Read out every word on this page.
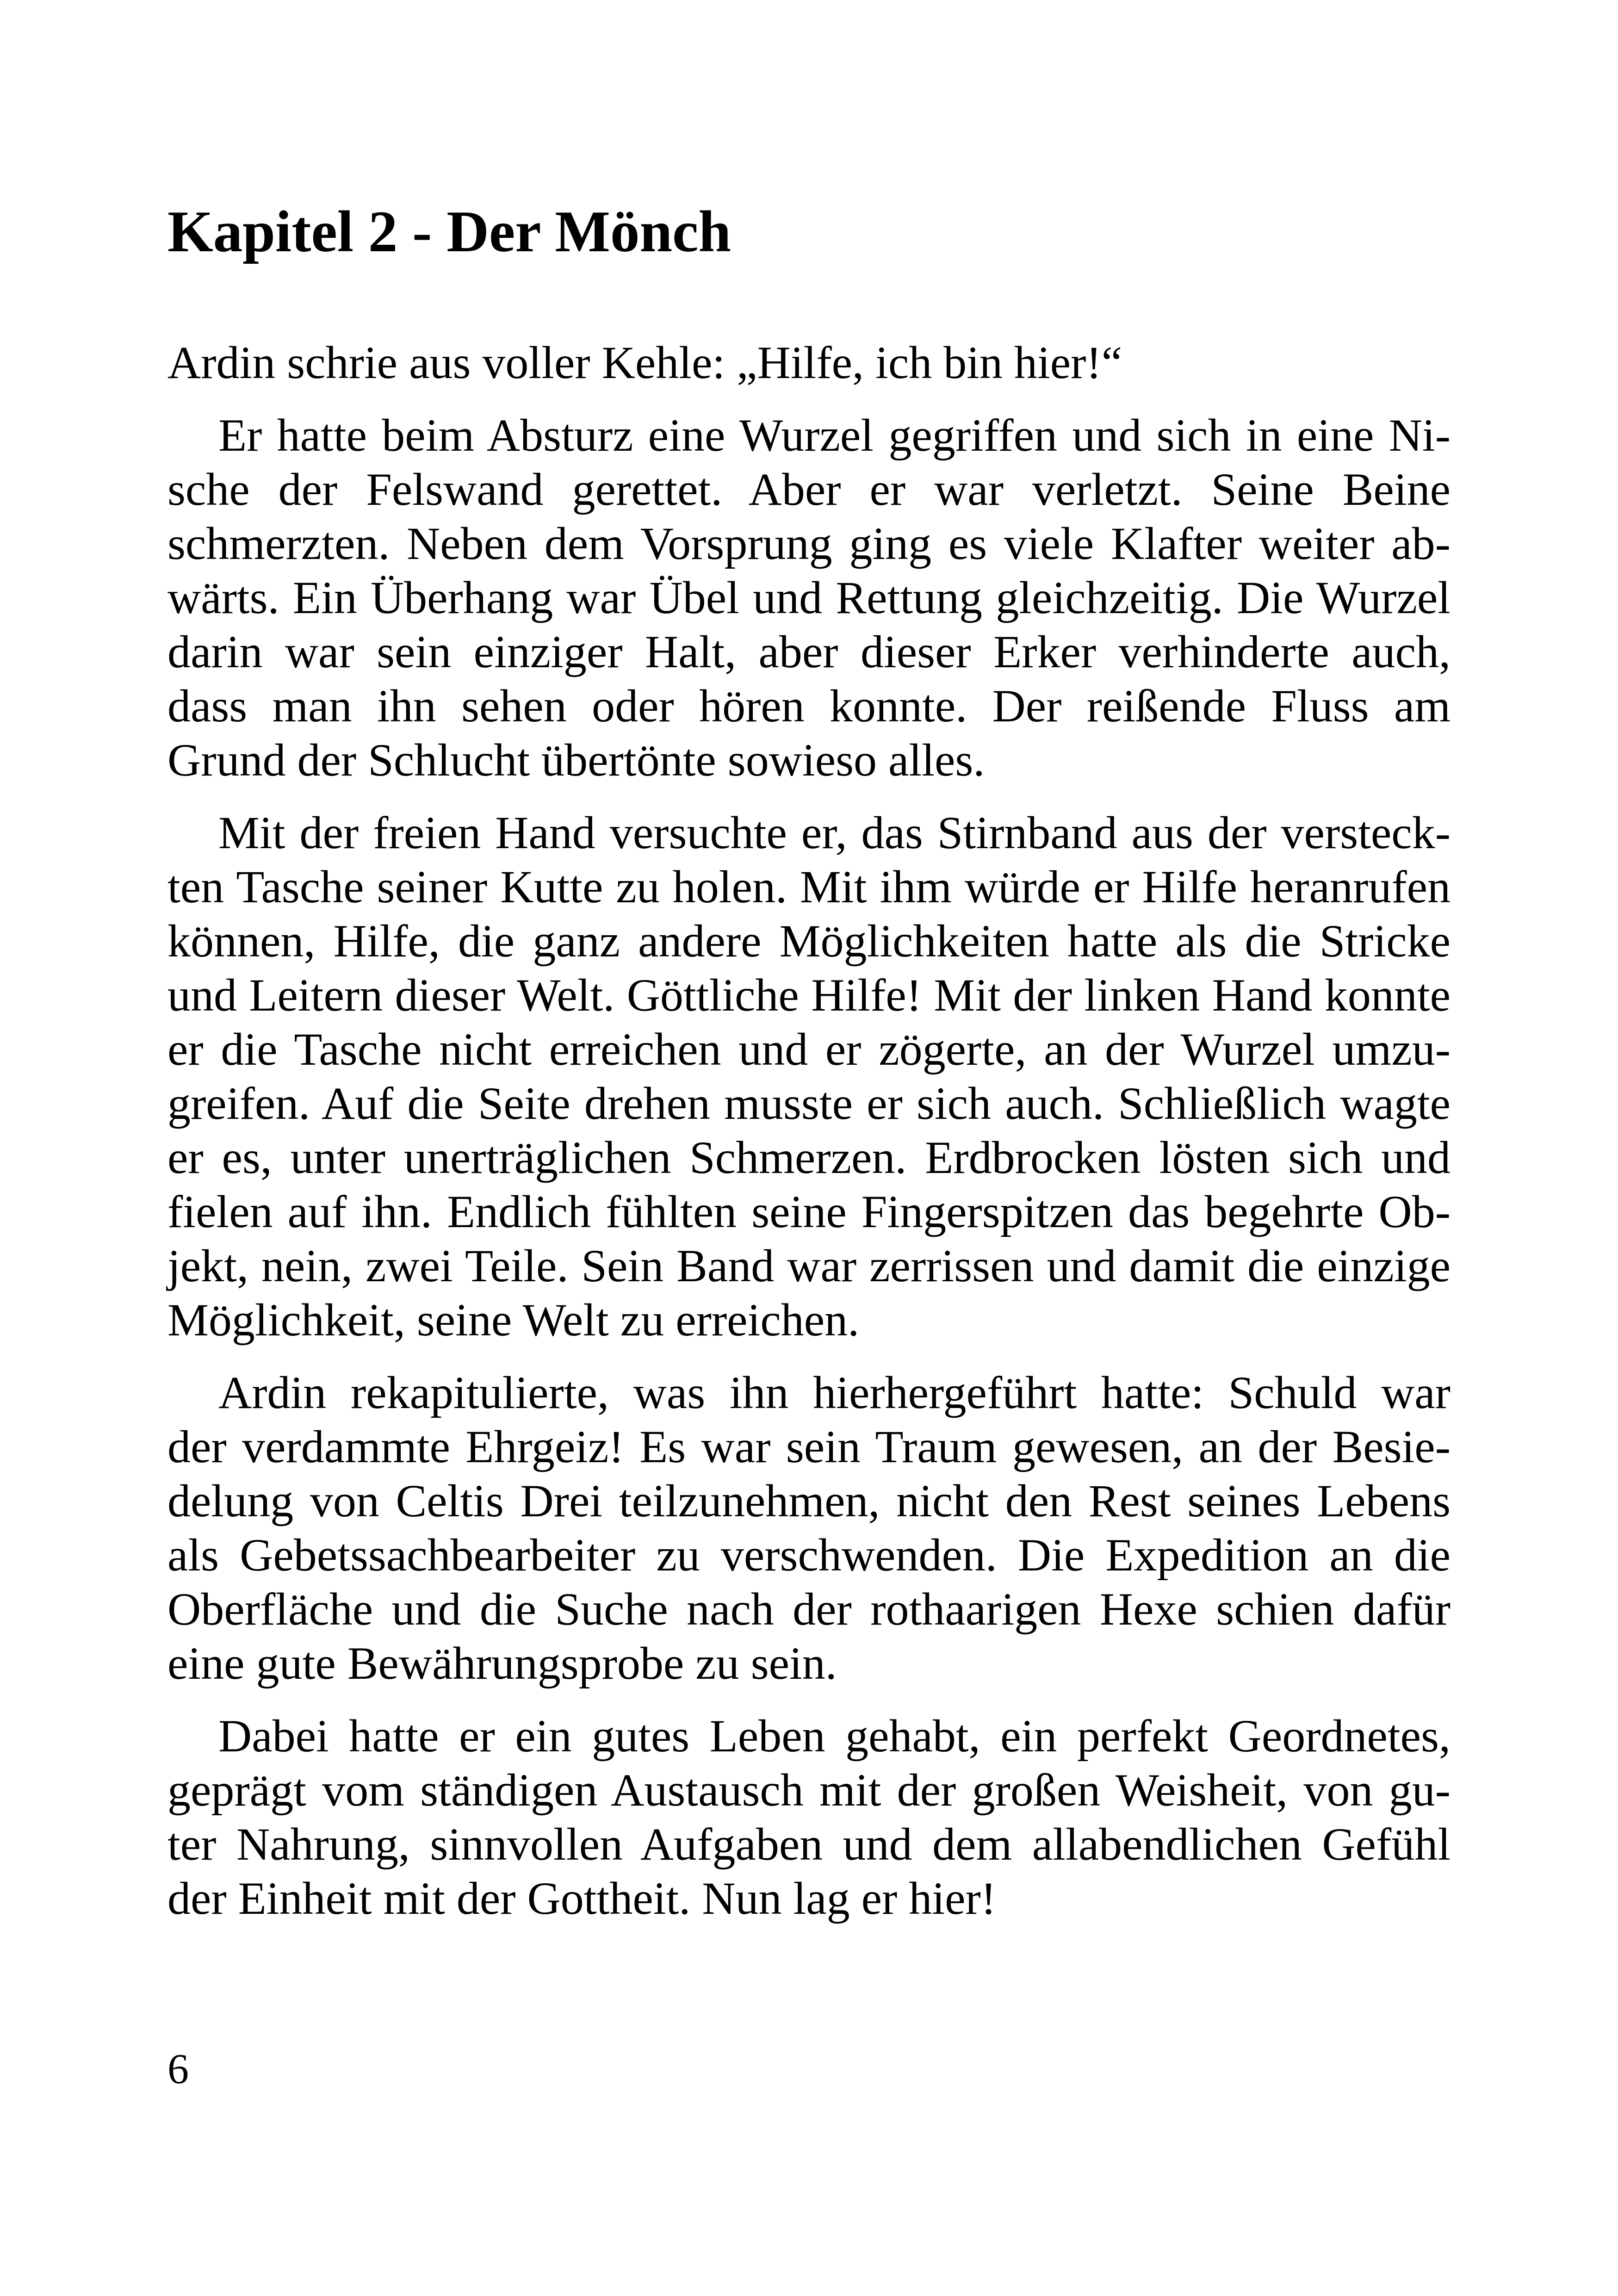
Kapitel 2 - Der Mönch
Ardin schrie aus voller Kehle: „Hilfe, ich bin hier!“
Er hatte beim Absturz eine Wurzel gegriffen und sich in eine Ni-
sche der Felswand gerettet. Aber er war verletzt. Seine Beine
schmerzten. Neben dem Vorsprung ging es viele Klafter weiter ab-
wärts. Ein Überhang war Übel und Rettung gleichzeitig. Die Wurzel
darin war sein einziger Halt, aber dieser Erker verhinderte auch,
dass man ihn sehen oder hören konnte. Der reißende Fluss am
Grund der Schlucht übertönte sowieso alles.
Mit der freien Hand versuchte er, das Stirnband aus der versteck-
ten Tasche seiner Kutte zu holen. Mit ihm würde er Hilfe heranrufen
können, Hilfe, die ganz andere Möglichkeiten hatte als die Stricke
und Leitern dieser Welt. Göttliche Hilfe! Mit der linken Hand konnte
er die Tasche nicht erreichen und er zögerte, an der Wurzel umzu-
greifen. Auf die Seite drehen musste er sich auch. Schließlich wagte
er es, unter unerträglichen Schmerzen. Erdbrocken lösten sich und
fielen auf ihn. Endlich fühlten seine Fingerspitzen das begehrte Ob-
jekt, nein, zwei Teile. Sein Band war zerrissen und damit die einzige
Möglichkeit, seine Welt zu erreichen.
Ardin rekapitulierte, was ihn hierhergeführt hatte: Schuld war
der verdammte Ehrgeiz! Es war sein Traum gewesen, an der Besie-
delung von Celtis Drei teilzunehmen, nicht den Rest seines Lebens
als Gebetssachbearbeiter zu verschwenden. Die Expedition an die
Oberfläche und die Suche nach der rothaarigen Hexe schien dafür
eine gute Bewährungsprobe zu sein.
Dabei hatte er ein gutes Leben gehabt, ein perfekt Geordnetes,
geprägt vom ständigen Austausch mit der großen Weisheit, von gu-
ter Nahrung, sinnvollen Aufgaben und dem allabendlichen Gefühl
der Einheit mit der Gottheit. Nun lag er hier!
6
